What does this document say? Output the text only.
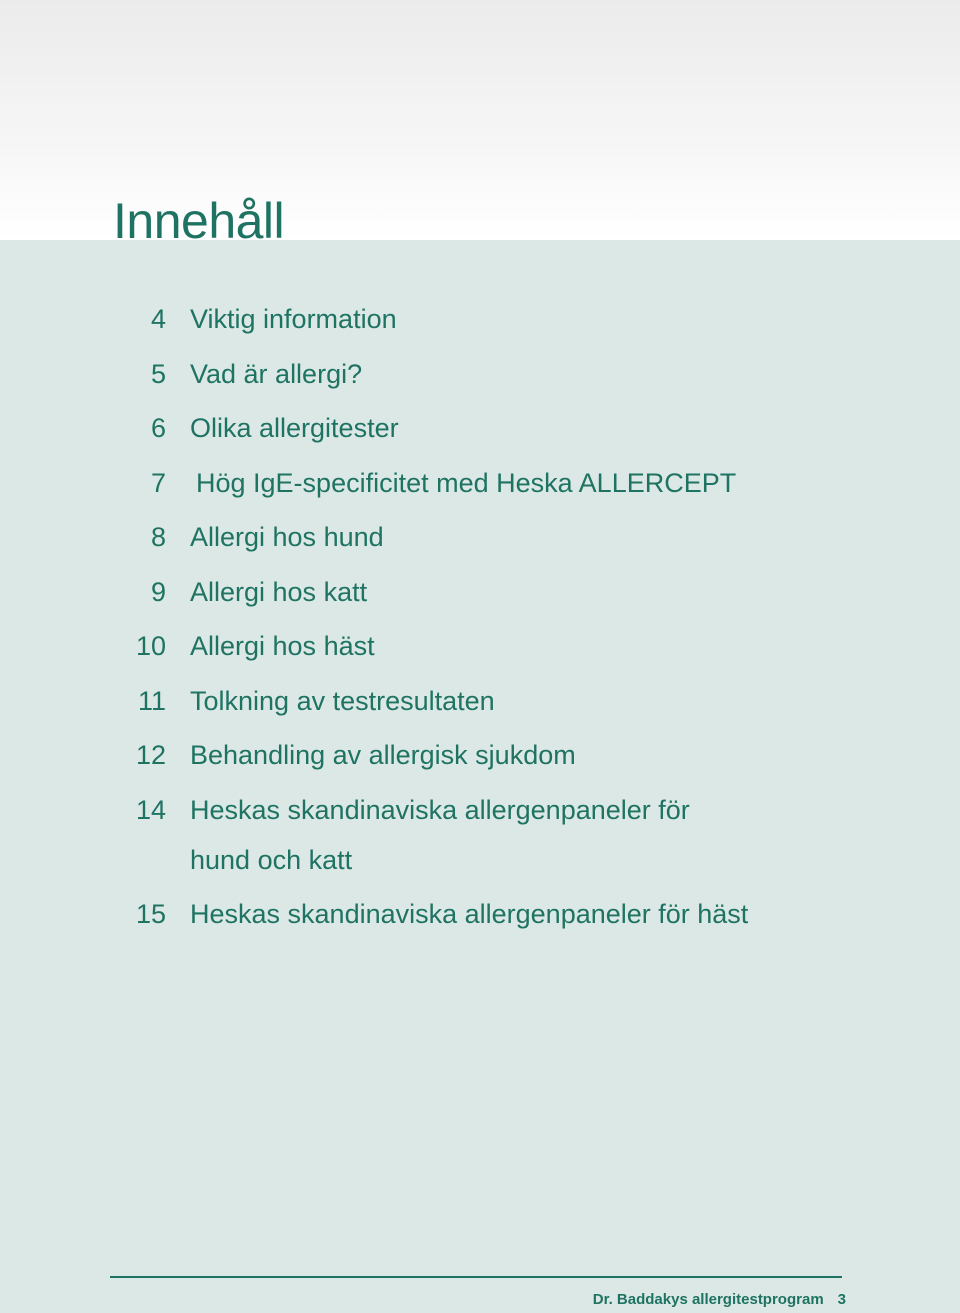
Innehåll
4 Viktig information
5 Vad är allergi?
6 Olika allergitester
7 Hög IgE-specificitet med Heska ALLERCEPT
8 Allergi hos hund
9 Allergi hos katt
10 Allergi hos häst
11 Tolkning av testresultaten
12 Behandling av allergisk sjukdom
14 Heskas skandinaviska allergenpaneler för hund och katt
15 Heskas skandinaviska allergenpaneler för häst
Dr. Baddakys allergitestprogram 3
